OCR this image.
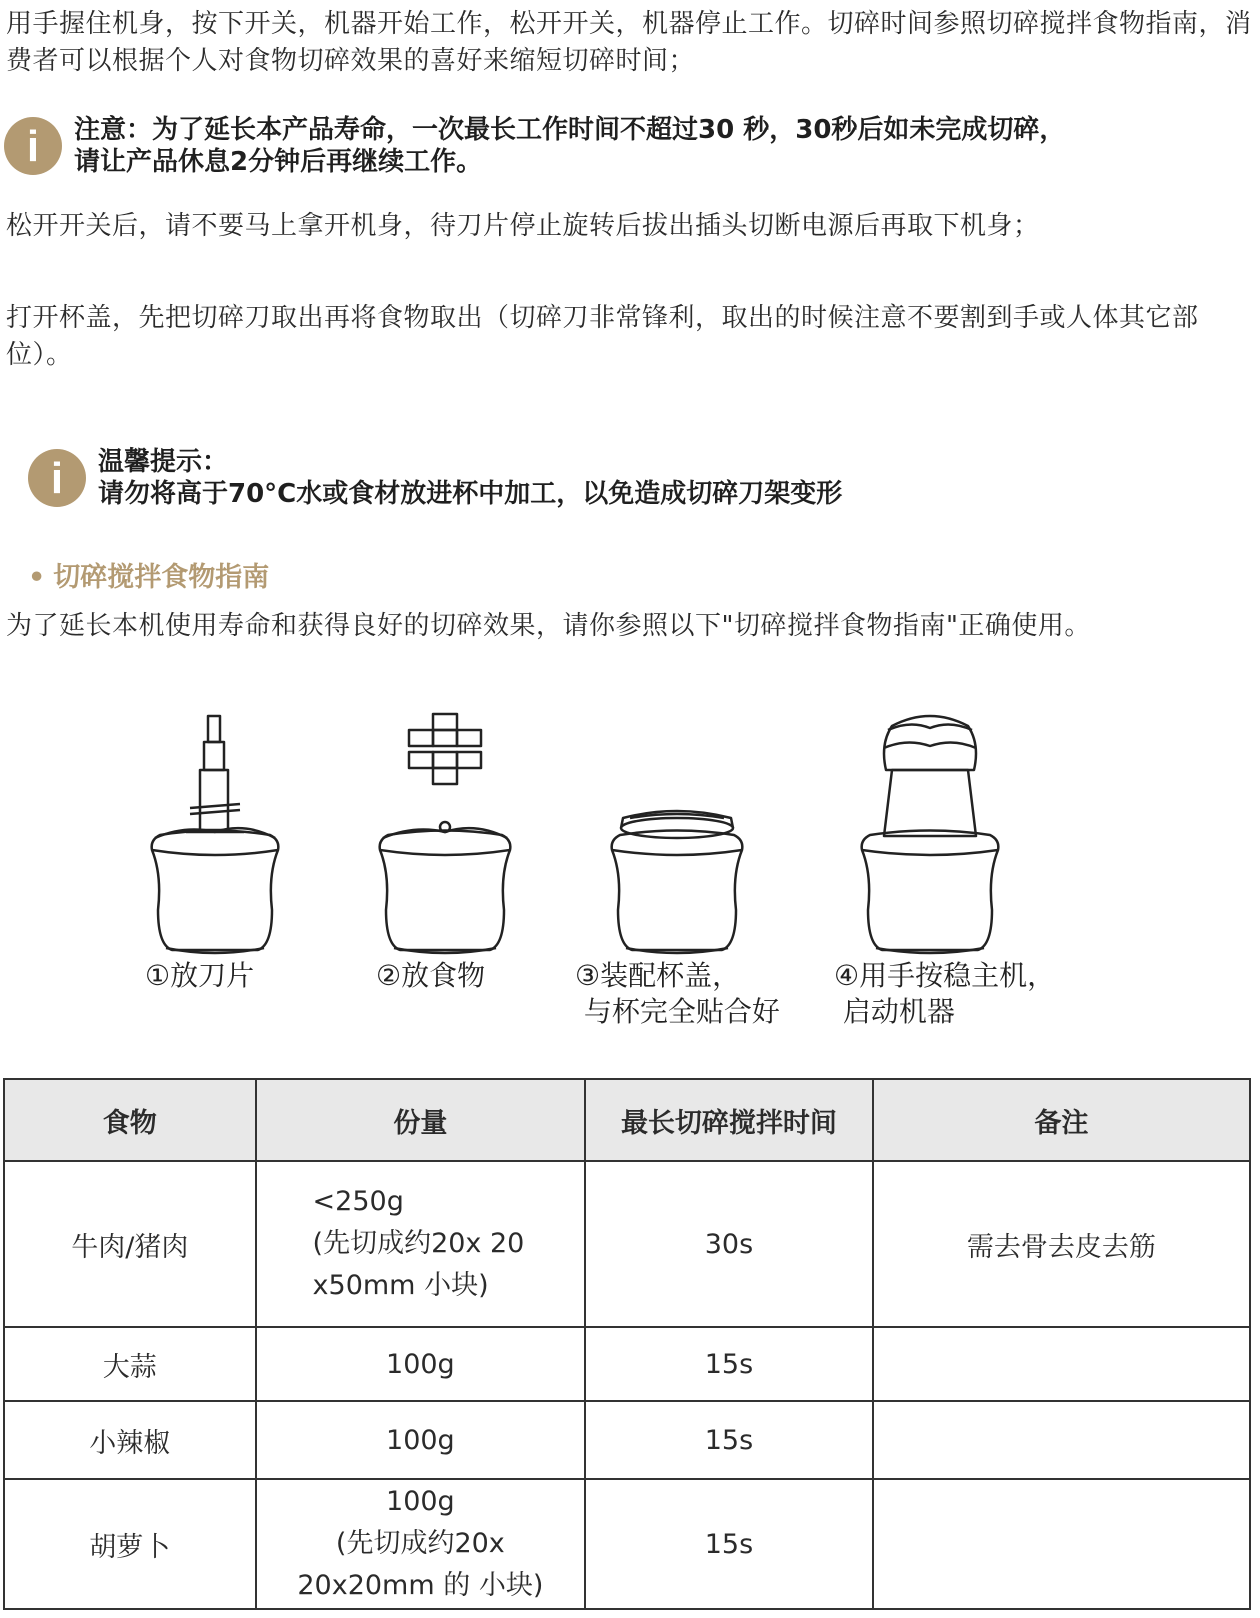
用手握住机身，按下开关，机器开始工作，松开开关，机器停止工作。切碎时间参照切碎搅拌食物指南，消费者可以根据个人对食物切碎效果的喜好来缩短切碎时间；

i 注意：为了延长本产品寿命，一次最长工作时间不超过30 秒，30秒后如未完成切碎，
请让产品休息2分钟后再继续工作。

松开开关后，请不要马上拿开机身，待刀片停止旋转后拔出插头切断电源后再取下机身；

打开杯盖，先把切碎刀取出再将食物取出（切碎刀非常锋利，取出的时候注意不要割到手或人体其它部位）。

i 温馨提示：
请勿将高于70°C水或食材放进杯中加工，以免造成切碎刀架变形
• 切碎搅拌食物指南

为了延长本机使用寿命和获得良好的切碎效果，请你参照以下"切碎搅拌食物指南"正确使用。

①放刀片	②放食物	③装配杯盖，
与杯完全贴合好
④用手按稳主机，
启动机器
食物	份量	最长切碎搅拌时间	备注
牛肉/猪肉	<250g
(先切成约20x 20
x50mm 小块)	30s	需去骨去皮去筋
大蒜	100g	15s	
小辣椒	100g	15s	
胡萝卜	100g
(先切成约20x
20x20mm 的 小块)	15s	
